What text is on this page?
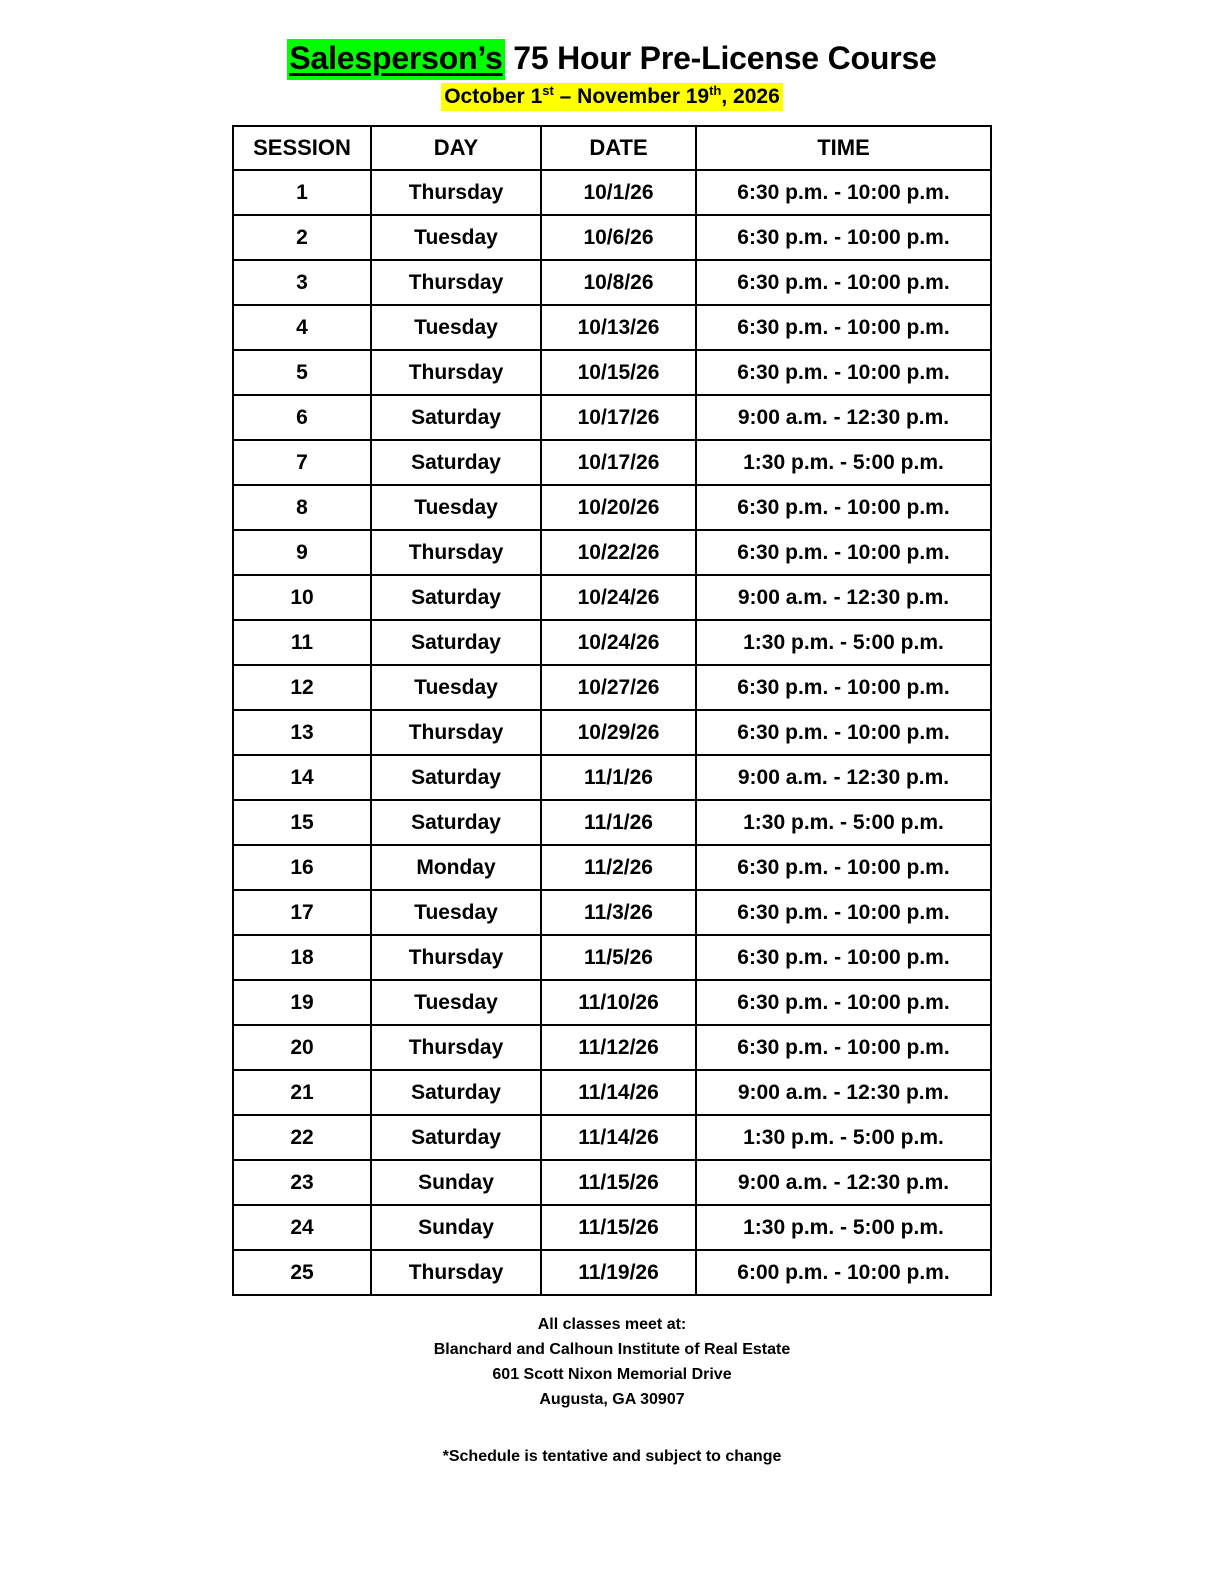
Salesperson’s 75 Hour Pre-License Course
October 1st – November 19th, 2026
SESSION	DAY	DATE	TIME
1	Thursday	10/1/26	6:30 p.m. - 10:00 p.m.
2	Tuesday	10/6/26	6:30 p.m. - 10:00 p.m.
3	Thursday	10/8/26	6:30 p.m. - 10:00 p.m.
4	Tuesday	10/13/26	6:30 p.m. - 10:00 p.m.
5	Thursday	10/15/26	6:30 p.m. - 10:00 p.m.
6	Saturday	10/17/26	9:00 a.m. - 12:30 p.m.
7	Saturday	10/17/26	1:30 p.m. - 5:00 p.m.
8	Tuesday	10/20/26	6:30 p.m. - 10:00 p.m.
9	Thursday	10/22/26	6:30 p.m. - 10:00 p.m.
10	Saturday	10/24/26	9:00 a.m. - 12:30 p.m.
11	Saturday	10/24/26	1:30 p.m. - 5:00 p.m.
12	Tuesday	10/27/26	6:30 p.m. - 10:00 p.m.
13	Thursday	10/29/26	6:30 p.m. - 10:00 p.m.
14	Saturday	11/1/26	9:00 a.m. - 12:30 p.m.
15	Saturday	11/1/26	1:30 p.m. - 5:00 p.m.
16	Monday	11/2/26	6:30 p.m. - 10:00 p.m.
17	Tuesday	11/3/26	6:30 p.m. - 10:00 p.m.
18	Thursday	11/5/26	6:30 p.m. - 10:00 p.m.
19	Tuesday	11/10/26	6:30 p.m. - 10:00 p.m.
20	Thursday	11/12/26	6:30 p.m. - 10:00 p.m.
21	Saturday	11/14/26	9:00 a.m. - 12:30 p.m.
22	Saturday	11/14/26	1:30 p.m. - 5:00 p.m.
23	Sunday	11/15/26	9:00 a.m. - 12:30 p.m.
24	Sunday	11/15/26	1:30 p.m. - 5:00 p.m.
25	Thursday	11/19/26	6:00 p.m. - 10:00 p.m.

All classes meet at:

Blanchard and Calhoun Institute of Real Estate

601 Scott Nixon Memorial Drive

Augusta, GA 30907

*Schedule is tentative and subject to change
